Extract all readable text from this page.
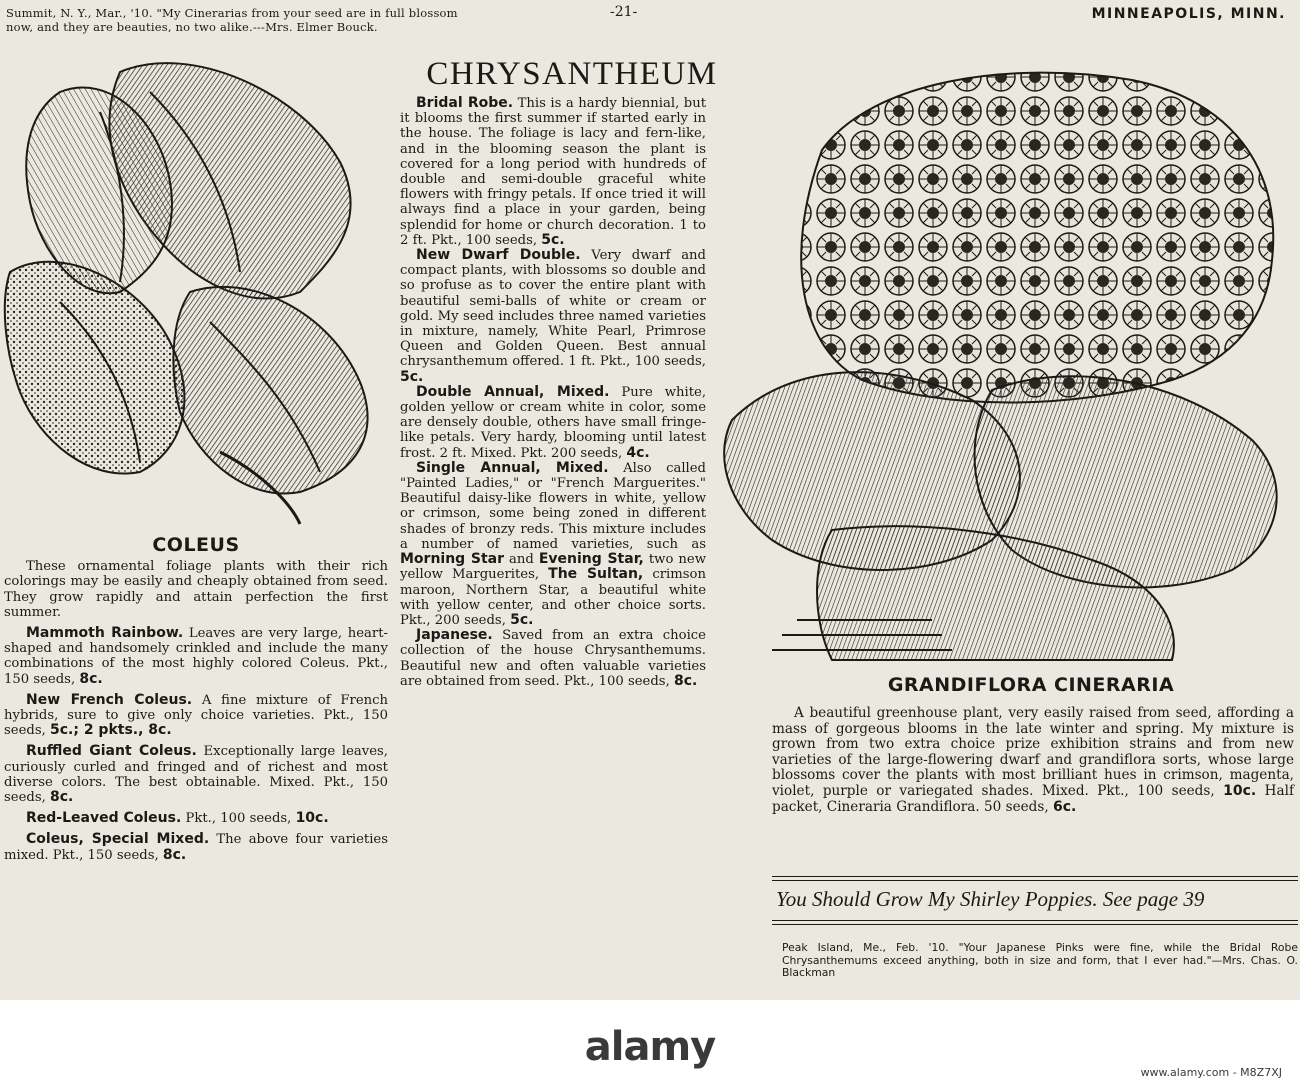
Summit, N. Y., Mar., '10. "My Cinerarias from your seed are in full blossom
now, and they are beauties, no two alike.---Mrs. Elmer Bouck.
-21-	MINNEAPOLIS, MINN.
COLEUS

These ornamental foliage plants with their rich colorings may be easily and cheaply obtained from seed. They grow rapidly and attain perfection the first summer.

Mammoth Rainbow. Leaves are very large, heart-shaped and handsomely crinkled and include the many combinations of the most highly colored Coleus. Pkt., 150 seeds, 8c.

New French Coleus. A fine mixture of French hybrids, sure to give only choice varieties. Pkt., 150 seeds, 5c.; 2 pkts., 8c.

Ruffled Giant Coleus. Exceptionally large leaves, curiously curled and fringed and of richest and most diverse colors. The best obtainable. Mixed. Pkt., 150 seeds, 8c.

Red-Leaved Coleus. Pkt., 100 seeds, 10c.

Coleus, Special Mixed. The above four varieties mixed. Pkt., 150 seeds, 8c.

CHRYSANTHEUM

Bridal Robe. This is a hardy biennial, but it blooms the first summer if started early in the house. The foliage is lacy and fern-like, and in the blooming season the plant is covered for a long period with hundreds of double and semi-double graceful white flowers with fringy petals. If once tried it will always find a place in your garden, being splendid for home or church decoration. 1 to 2 ft. Pkt., 100 seeds, 5c.

New Dwarf Double. Very dwarf and compact plants, with blossoms so double and so profuse as to cover the entire plant with beautiful semi-balls of white or cream or gold. My seed includes three named varieties in mixture, namely, White Pearl, Primrose Queen and Golden Queen. Best annual chrysanthemum offered. 1 ft. Pkt., 100 seeds, 5c.

Double Annual, Mixed. Pure white, golden yellow or cream white in color, some are densely double, others have small fringe-like petals. Very hardy, blooming until latest frost. 2 ft. Mixed. Pkt. 200 seeds, 4c.

Single Annual, Mixed. Also called "Painted Ladies," or "French Marguerites." Beautiful daisy-like flowers in white, yellow or crimson, some being zoned in different shades of bronzy reds. This mixture includes a number of named varieties, such as Morning Star and Evening Star, two new yellow Marguerites, The Sultan, crimson maroon, Northern Star, a beautiful white with yellow center, and other choice sorts. Pkt., 200 seeds, 5c.

Japanese. Saved from an extra choice collection of the house Chrysanthemums. Beautiful new and often valuable varieties are obtained from seed. Pkt., 100 seeds, 8c.	GRANDIFLORA CINERARIA
A beautiful greenhouse plant, very easily raised from seed, affording a mass of gorgeous blooms in the late winter and spring. My mixture is grown from two extra choice prize exhibition strains and from new varieties of the large-flowering dwarf and grandiflora sorts, whose large blossoms cover the plants with most brilliant hues in crimson, magenta, violet, purple or variegated shades. Mixed. Pkt., 100 seeds, 10c. Half packet, Cineraria Grandiflora. 50 seeds, 6c.
You Should Grow My Shirley Poppies. See page 39
Peak Island, Me., Feb. '10. "Your Japanese Pinks were fine, while the Bridal Robe Chrysanthemums exceed anything, both in size and form, that I ever had."—Mrs. Chas. O. Blackman
alamy
www.alamy.com - M8Z7XJ
